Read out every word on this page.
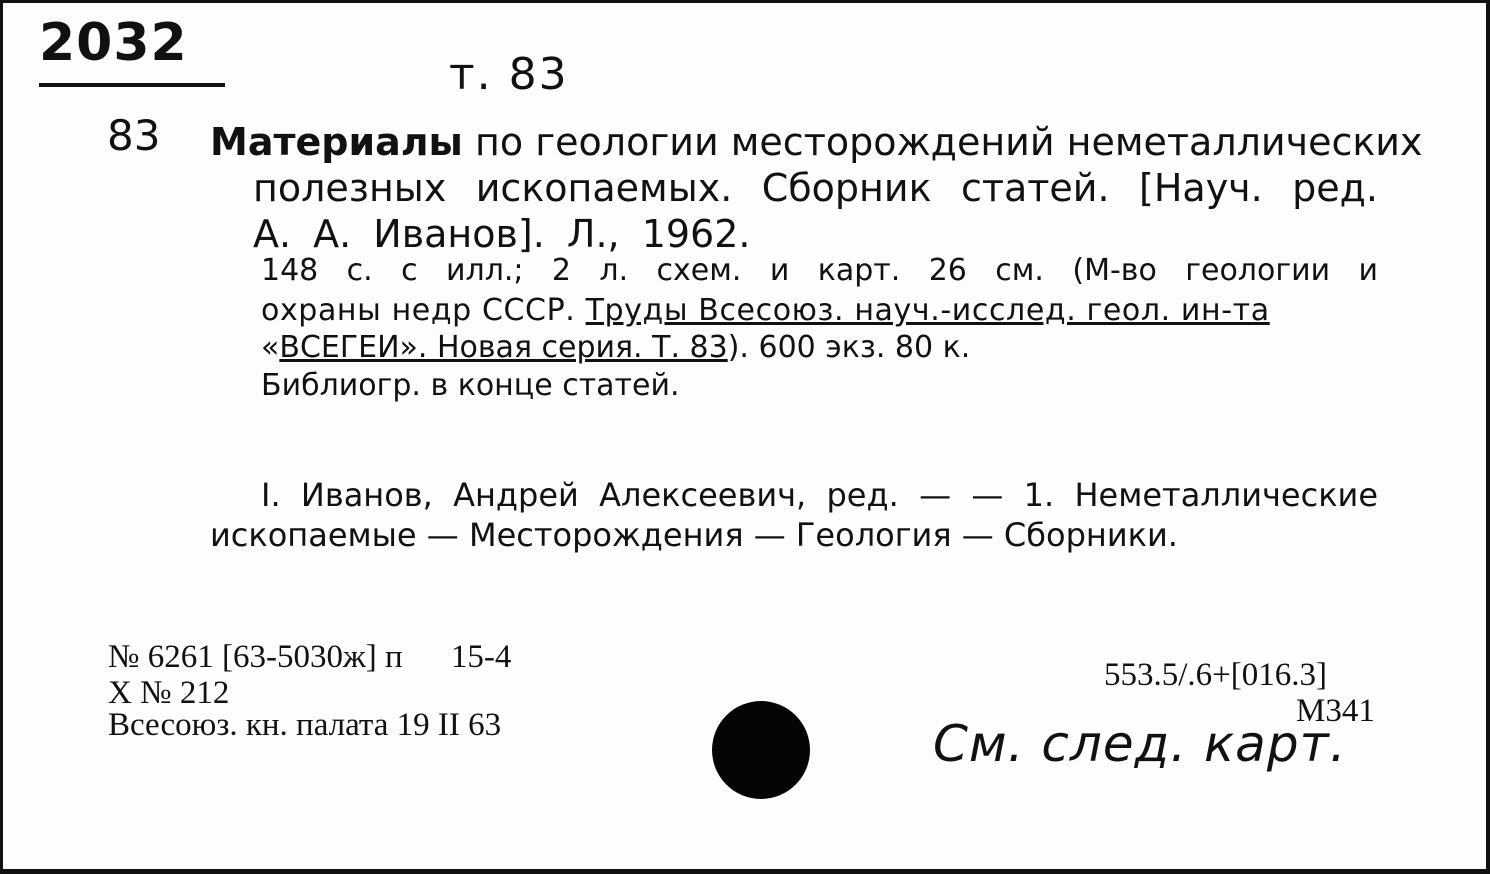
2032
т. 83
83 Материалы по геологии месторождений неметаллических
полезных ископаемых. Сборник статей. [Науч. ред.
А. А. Иванов]. Л., 1962.
148 с. с илл.; 2 л. схем. и карт. 26 см. (М-во геологии и
охраны недр СССР. Труды Всесоюз. науч.-исслед. геол. ин-та
«ВСЕГЕИ». Новая серия. Т. 83). 600 экз. 80 к.
Библиогр. в конце статей.
I. Иванов, Андрей Алексеевич, ред. — — 1. Неметаллические
ископаемые — Месторождения — Геология — Сборники.
№ 6261 [63-5030ж] п 15-4
X № 212
Всесоюз. кн. палата 19 II 63
553.5/.6+[016.3]
М341
См. след. карт.
